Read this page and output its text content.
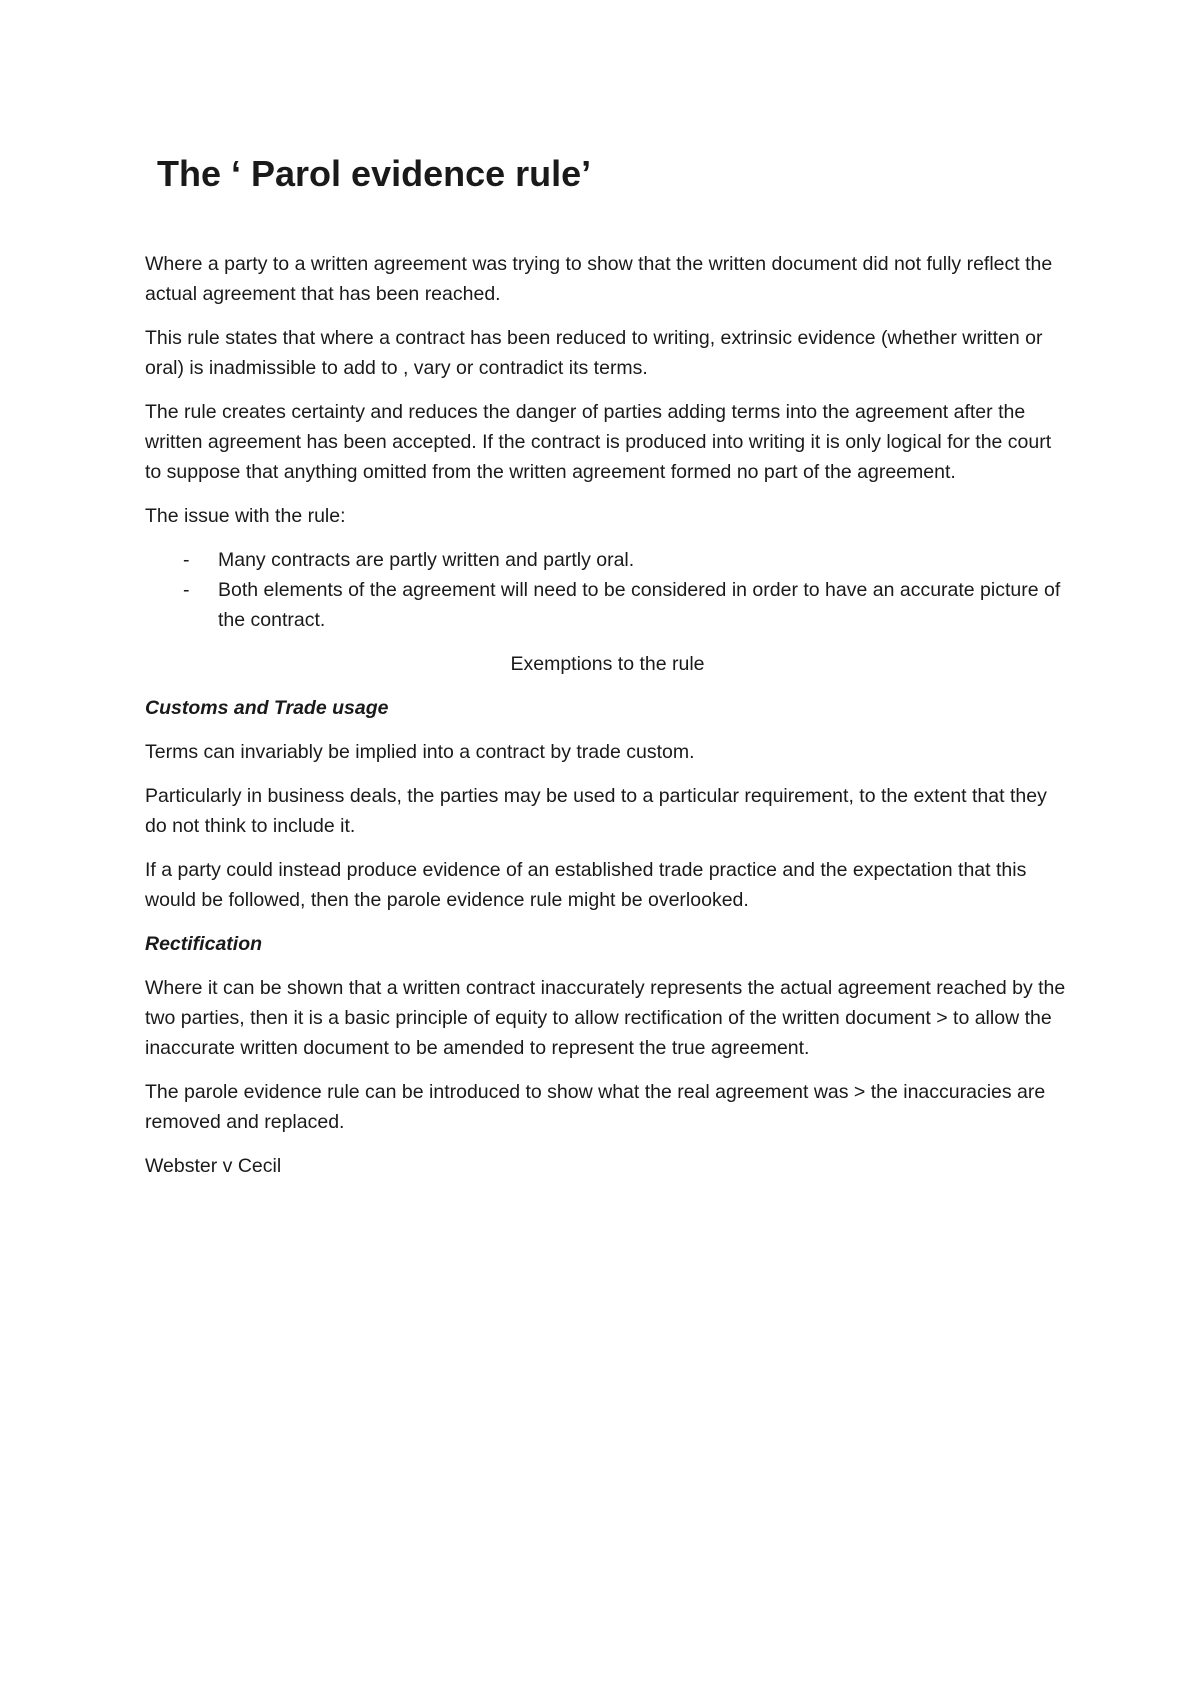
The ‘ Parol evidence rule’

Where a party to a written agreement was trying to show that the written document did not fully reflect the actual agreement that has been reached.

This rule states that where a contract has been reduced to writing, extrinsic evidence (whether written or oral) is inadmissible to add to , vary or contradict its terms.

The rule creates certainty and reduces the danger of parties adding terms into the agreement after the written agreement has been accepted. If the contract is produced into writing it is only logical for the court to suppose that anything omitted from the written agreement formed no part of the agreement.

The issue with the rule:

- Many contracts are partly written and partly oral.
- Both elements of the agreement will need to be considered in order to have an accurate picture of the contract.

Exemptions to the rule

Customs and Trade usage

Terms can invariably be implied into a contract by trade custom.

Particularly in business deals, the parties may be used to a particular requirement, to the extent that they do not think to include it.

If a party could instead produce evidence of an established trade practice and the expectation that this would be followed, then the parole evidence rule might be overlooked.

Rectification

Where it can be shown that a written contract inaccurately represents the actual agreement reached by the two parties, then it is a basic principle of equity to allow rectification of the written document > to allow the inaccurate written document to be amended to represent the true agreement.

The parole evidence rule can be introduced to show what the real agreement was > the inaccuracies are removed and replaced.

Webster v Cecil
